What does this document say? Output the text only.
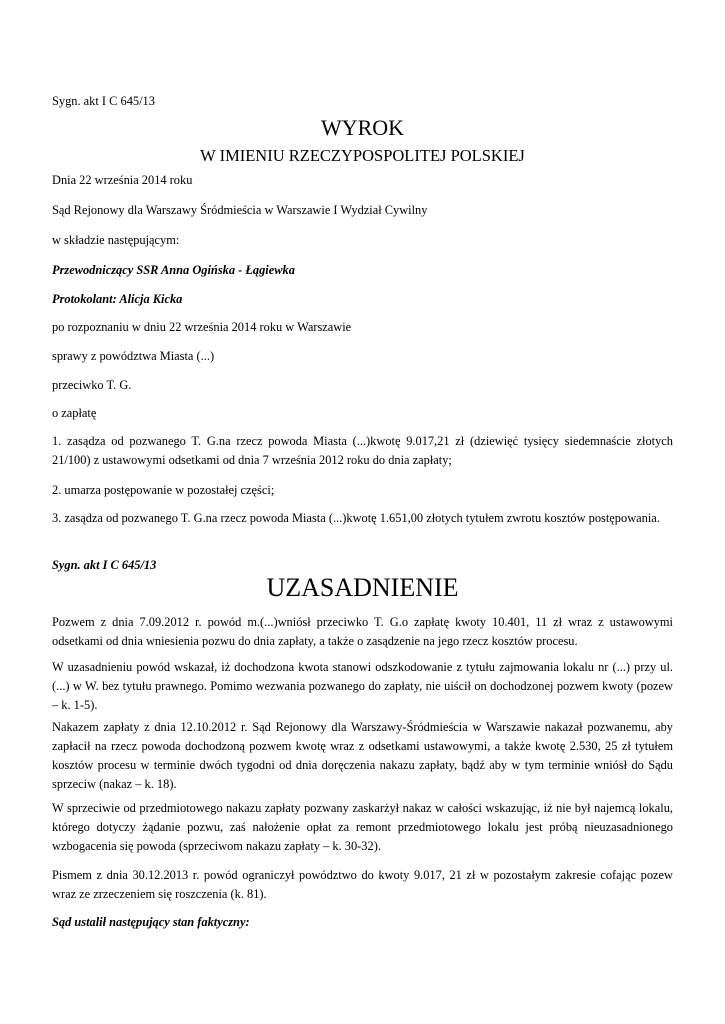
Sygn. akt I C 645/13
WYROK
W IMIENIU RZECZYPOSPOLITEJ POLSKIEJ
Dnia 22 września 2014 roku
Sąd Rejonowy dla Warszawy Śródmieścia w Warszawie I Wydział Cywilny
w składzie następującym:
Przewodniczący SSR Anna Ogińska - Łągiewka
Protokolant: Alicja Kicka
po rozpoznaniu w dniu 22 września 2014 roku w Warszawie
sprawy z powództwa Miasta (...)
przeciwko T. G.
o zapłatę
1. zasądza od pozwanego T. G.na rzecz powoda Miasta (...)kwotę 9.017,21 zł (dziewięć tysięcy siedemnaście złotych 21/100) z ustawowymi odsetkami od dnia 7 września 2012 roku do dnia zapłaty;
2. umarza postępowanie w pozostałej części;
3. zasądza od pozwanego T. G.na rzecz powoda Miasta (...)kwotę 1.651,00 złotych tytułem zwrotu kosztów postępowania.
Sygn. akt I C 645/13
UZASADNIENIE
Pozwem z dnia 7.09.2012 r. powód m.(...)wniósł przeciwko T. G.o zapłatę kwoty 10.401, 11 zł wraz z ustawowymi odsetkami od dnia wniesienia pozwu do dnia zapłaty, a także o zasądzenie na jego rzecz kosztów procesu.
W uzasadnieniu powód wskazał, iż dochodzona kwota stanowi odszkodowanie z tytułu zajmowania lokalu nr (...) przy ul. (...) w W. bez tytułu prawnego. Pomimo wezwania pozwanego do zapłaty, nie uiścił on dochodzonej pozwem kwoty (pozew – k. 1-5).
Nakazem zapłaty z dnia 12.10.2012 r. Sąd Rejonowy dla Warszawy-Śródmieścia w Warszawie nakazał pozwanemu, aby zapłacił na rzecz powoda dochodzoną pozwem kwotę wraz z odsetkami ustawowymi, a także kwotę 2.530, 25 zł tytułem kosztów procesu w terminie dwóch tygodni od dnia doręczenia nakazu zapłaty, bądź aby w tym terminie wniósł do Sądu sprzeciw (nakaz – k. 18).
W sprzeciwie od przedmiotowego nakazu zapłaty pozwany zaskarżył nakaz w całości wskazując, iż nie był najemcą lokalu, którego dotyczy żądanie pozwu, zaś nałożenie opłat za remont przedmiotowego lokalu jest próbą nieuzasadnionego wzbogacenia się powoda (sprzeciwom nakazu zapłaty – k. 30-32).
Pismem z dnia 30.12.2013 r. powód ograniczył powództwo do kwoty 9.017, 21 zł w pozostałym zakresie cofając pozew wraz ze zrzeczeniem się roszczenia (k. 81).
Sąd ustalił następujący stan faktyczny:
